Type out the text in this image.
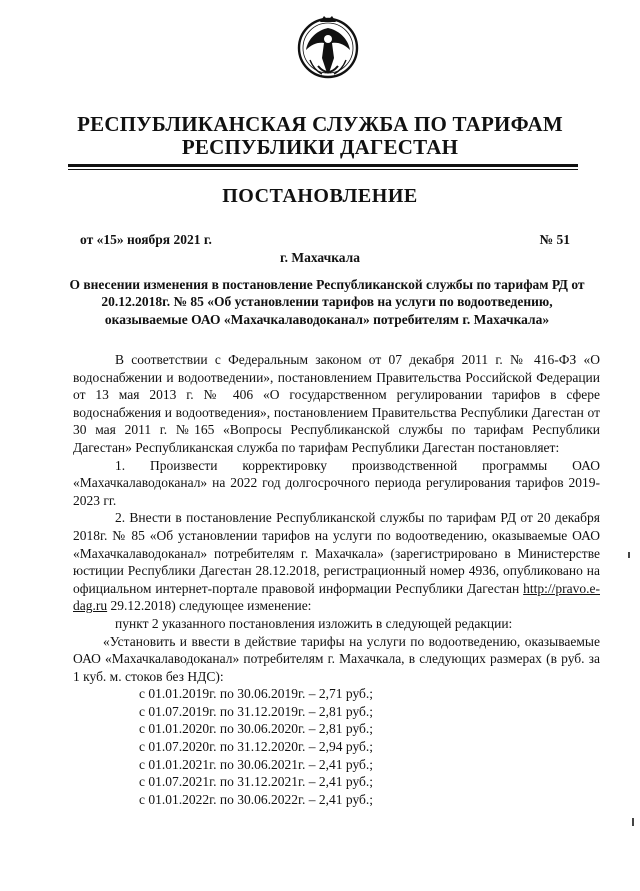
РЕСПУБЛИКАНСКАЯ СЛУЖБА ПО ТАРИФАМ
РЕСПУБЛИКИ ДАГЕСТАН
ПОСТАНОВЛЕНИЕ
от «15» ноября 2021 г.	№ 51
г. Махачкала
О внесении изменения в постановление Республиканской службы по тарифам РД от 20.12.2018г. № 85 «Об установлении тарифов на услуги по водоотведению, оказываемые ОАО «Махачкалаводоканал» потребителям г. Махачкала»

В соответствии с Федеральным законом от 07 декабря 2011 г. № 416-ФЗ «О водоснабжении и водоотведении», постановлением Правительства Российской Федерации от 13 мая 2013 г. № 406 «О государственном регулировании тарифов в сфере водоснабжения и водоотведения», постановлением Правительства Республики Дагестан от 30 мая 2011 г. №165 «Вопросы Республиканской службы по тарифам Республики Дагестан» Республиканская служба по тарифам Республики Дагестан постановляет:

1. Произвести корректировку производственной программы ОАО «Махачкалаводоканал» на 2022 год долгосрочного периода регулирования тарифов 2019-2023 гг.

2. Внести в постановление Республиканской службы по тарифам РД от 20 декабря 2018г. № 85 «Об установлении тарифов на услуги по водоотведению, оказываемые ОАО «Махачкалаводоканал» потребителям г. Махачкала» (зарегистрировано в Министерстве юстиции Республики Дагестан 28.12.2018, регистрационный номер 4936, опубликовано на официальном интернет-портале правовой информации Республики Дагестан http://pravo.e-dag.ru 29.12.2018) следующее изменение:

пункт 2 указанного постановления изложить в следующей редакции:

«Установить и ввести в действие тарифы на услуги по водоотведению, оказываемые ОАО «Махачкалаводоканал» потребителям г. Махачкала, в следующих размерах (в руб. за 1 куб. м. стоков без НДС):

с 01.01.2019г. по 30.06.2019г. – 2,71 руб.;

с 01.07.2019г. по 31.12.2019г. – 2,81 руб.;

с 01.01.2020г. по 30.06.2020г. – 2,81 руб.;

с 01.07.2020г. по 31.12.2020г. – 2,94 руб.;

с 01.01.2021г. по 30.06.2021г. – 2,41 руб.;

с 01.07.2021г. по 31.12.2021г. – 2,41 руб.;

с 01.01.2022г. по 30.06.2022г. – 2,41 руб.;
